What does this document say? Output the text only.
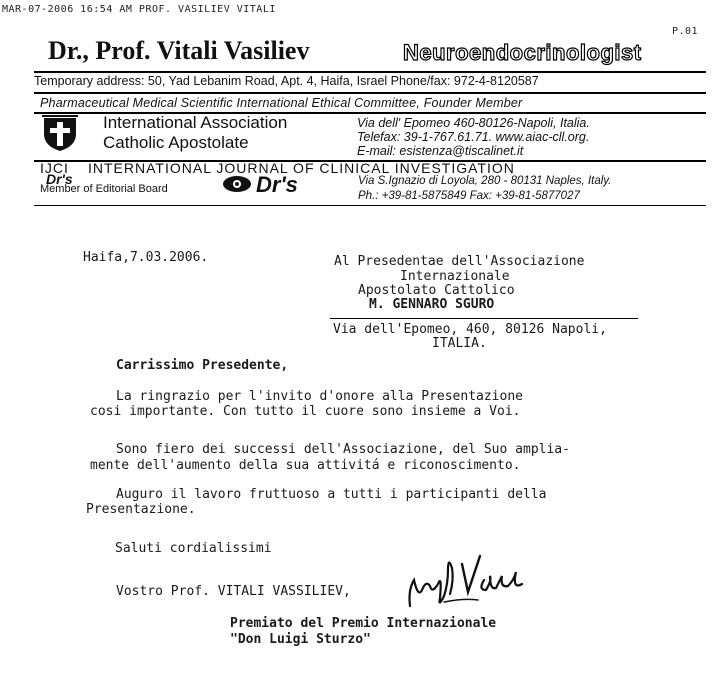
MAR-07-2006 16:54 AM PROF. VASILIEV VITALI
P.01
Dr., Prof. Vitali Vasiliev	Neuroendocrinologist
Temporary address: 50, Yad Lebanim Road, Apt. 4, Haifa, Israel Phone/fax: 972-4-8120587
Pharmaceutical Medical Scientific International Ethical Committee, Founder Member
International Association
Catholic Apostolate
Via dell' Epomeo 460-80126-Napoli, Italia.
Telefax: 39-1-767.61.71. www.aiac-cll.org.
E-mail: esistenza@tiscalinet.it
IJCI INTERNATIONAL JOURNAL OF CLINICAL INVESTIGATION
Dr's
Member of Editorial Board	Dr's	Via S.Ignazio di Loyola, 280 - 80131 Naples, Italy.
Ph.: +39-81-5875849 Fax: +39-81-5877027
Haifa,7.03.2006.	Al Presedentae dell'Associazione
Internazionale
Apostolato Cattolico
M. GENNARO SGURO
Via dell'Epomeo, 460, 80126 Napoli,
ITALIA.
Carrissimo Presedente,
La ringrazio per l'invito d'onore alla Presentazione
cosi importante. Con tutto il cuore sono insieme a Voi.
Sono fiero dei successi dell'Associazione, del Suo amplia-
mente dell'aumento della sua attivitá e riconoscimento.
Auguro il lavoro fruttuoso a tutti i participanti della
Presentazione.
Saluti cordialissimi
Vostro Prof. VITALI VASSILIEV,
Premiato del Premio Internazionale
"Don Luigi Sturzo"
